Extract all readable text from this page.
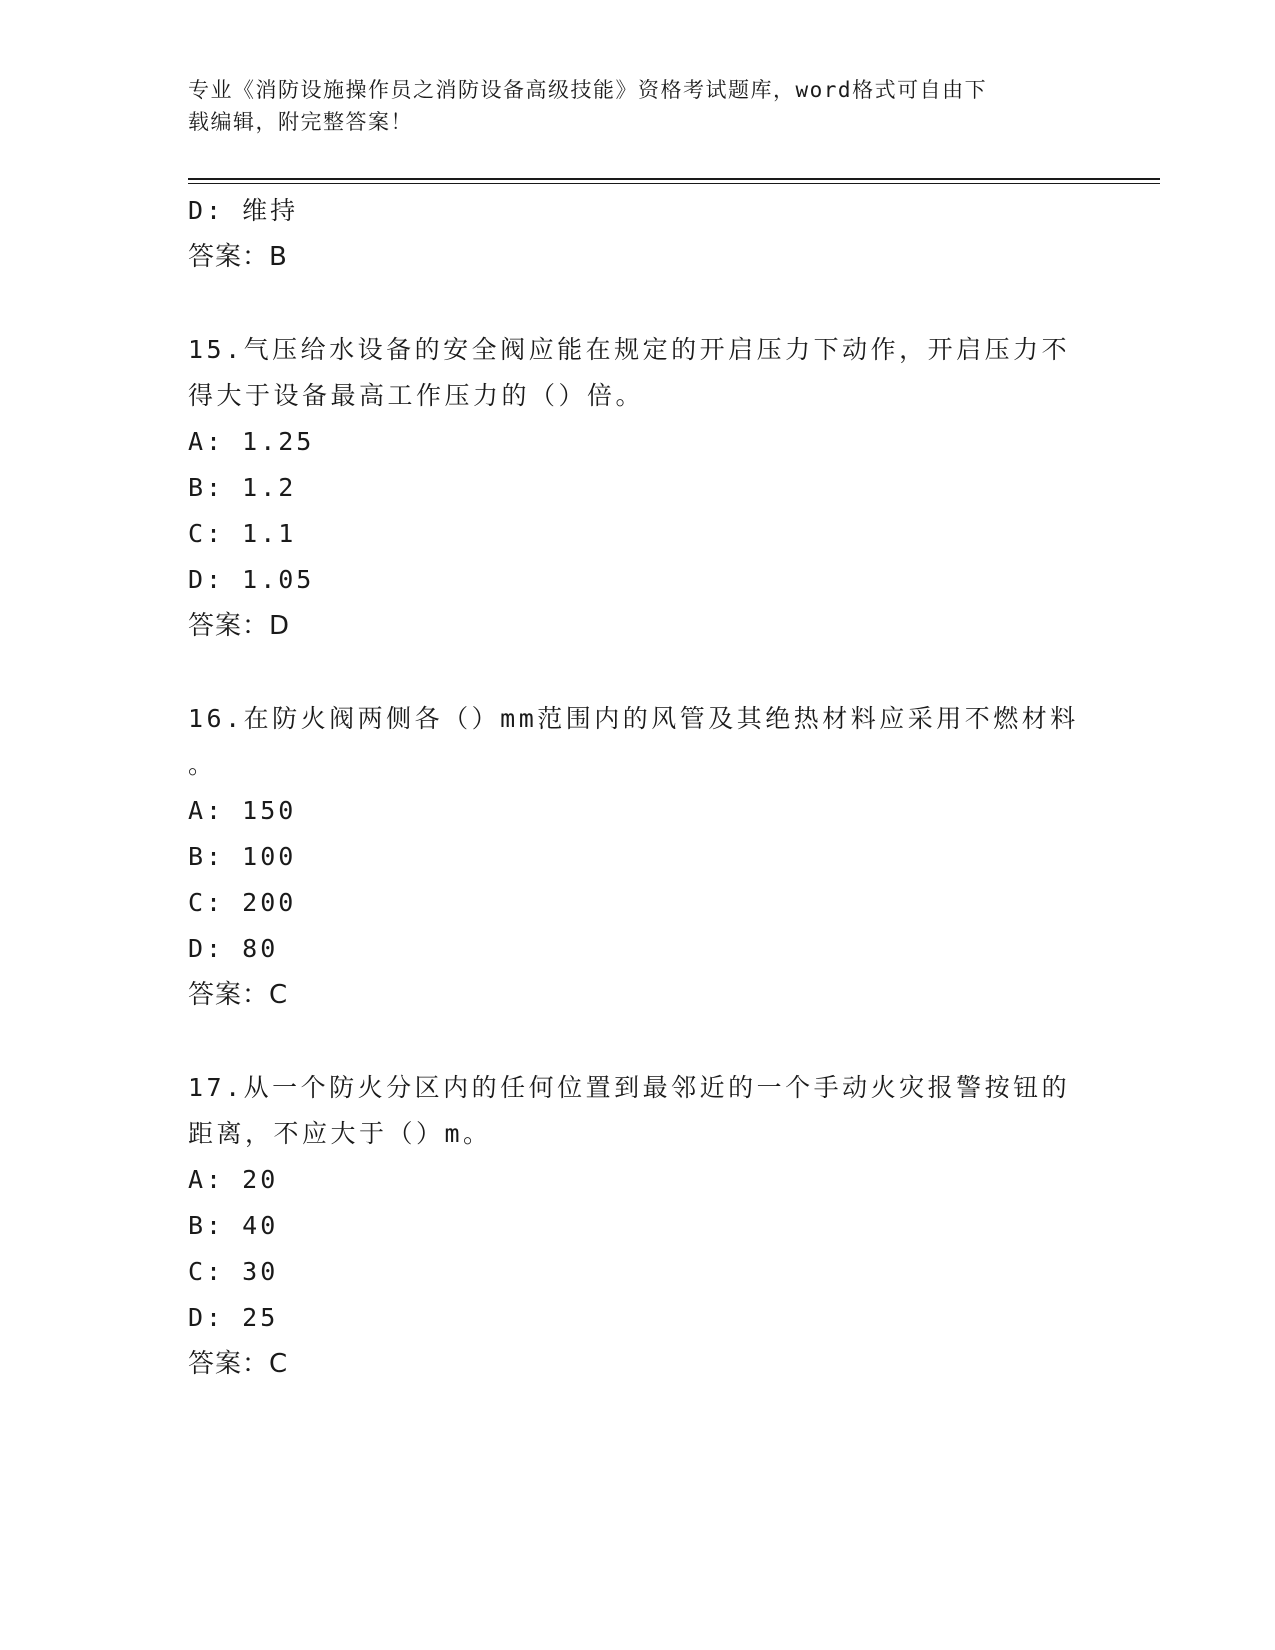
专业《消防设施操作员之消防设备高级技能》资格考试题库，word格式可自由下
载编辑，附完整答案！
D: 维持
答案：B
15.气压给水设备的安全阀应能在规定的开启压力下动作，开启压力不
得大于设备最高工作压力的（）倍。
A: 1.25
B: 1.2
C: 1.1
D: 1.05
答案：D
16.在防火阀两侧各（）mm范围内的风管及其绝热材料应采用不燃材料
。
A: 150
B: 100
C: 200
D: 80
答案：C
17.从一个防火分区内的任何位置到最邻近的一个手动火灾报警按钮的
距离，不应大于（）m。
A: 20
B: 40
C: 30
D: 25
答案：C
